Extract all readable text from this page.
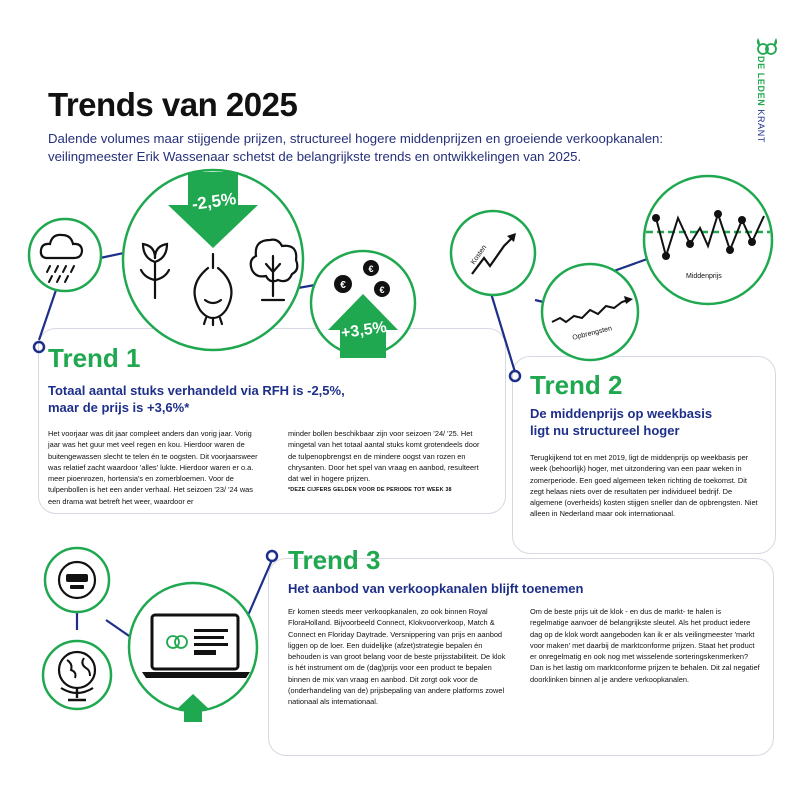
DE LEDEN KRANT
Trends van 2025
Dalende volumes maar stijgende prijzen, structureel hogere middenprijzen en groeiende verkoopkanalen: veilingmeester Erik Wassenaar schetst de belangrijkste trends en ontwikkelingen van 2025.
€
€
€
-2,5%
+3,5%
Kosten
Opbrengsten
Middenprijs
Trend 1
Totaal aantal stuks verhandeld via RFH is -2,5%,
maar de prijs is +3,6%*
Het voorjaar was dit jaar compleet anders dan vorig jaar. Vorig jaar was het guur met veel regen en kou. Hierdoor waren de buitengewassen slecht te telen én te oogsten. Dit voorjaarsweer was relatief zacht waardoor 'alles' lukte. Hierdoor waren er o.a. meer pioenrozen, hortensia's en zomerbloemen. Voor de tulpenbollen is het een ander verhaal. Het seizoen '23/ '24 was een drama wat betreft het weer, waardoor er
minder bollen beschikbaar zijn voor seizoen '24/ '25. Het mingetal van het totaal aantal stuks komt grotendeels door de tulpenopbrengst en de mindere oogst van rozen en chrysanten. Door het spel van vraag en aanbod, resulteert dat wel in hogere prijzen.
*DEZE CIJFERS GELDEN VOOR DE PERIODE TOT WEEK 38
Trend 2
De middenprijs op weekbasis
ligt nu structureel hoger
Terugkijkend tot en met 2019, ligt de middenprijs op weekbasis per week (behoorlijk) hoger, met uitzondering van een paar weken in zomerperiode. Een goed algemeen teken richting de toekomst. Dit zegt helaas niets over de resultaten per individueel bedrijf. De algemene (overheids) kosten stijgen sneller dan de opbrengsten. Niet alleen in Nederland maar ook internationaal.
Trend 3
Het aanbod van verkoopkanalen blijft toenemen
Er komen steeds meer verkoopkanalen, zo ook binnen Royal FloraHolland. Bijvoorbeeld Connect, Klokvoorverkoop, Match & Connect en Floriday Daytrade. Versnippering van prijs en aanbod liggen op de loer. Een duidelijke (afzet)strategie bepalen én behouden is van groot belang voor de beste prijsstabiliteit. De klok is hét instrument om de (dag)prijs voor een product te bepalen binnen de mix van vraag en aanbod. Dit zorgt ook voor de (onderhandeling van de) prijsbepaling van andere platforms zowel nationaal als internationaal.
Om de beste prijs uit de klok - en dus de markt- te halen is regelmatige aanvoer dé belangrijkste sleutel. Als het product iedere dag op de klok wordt aangeboden kan ik er als veilingmeester 'markt voor maken' met daarbij de marktconforme prijzen. Staat het product er onregelmatig en ook nog met wisselende sorteringskenmerken? Dan is het lastig om marktconforme prijzen te behalen. Dit zal negatief doorklinken binnen al je andere verkoopkanalen.
